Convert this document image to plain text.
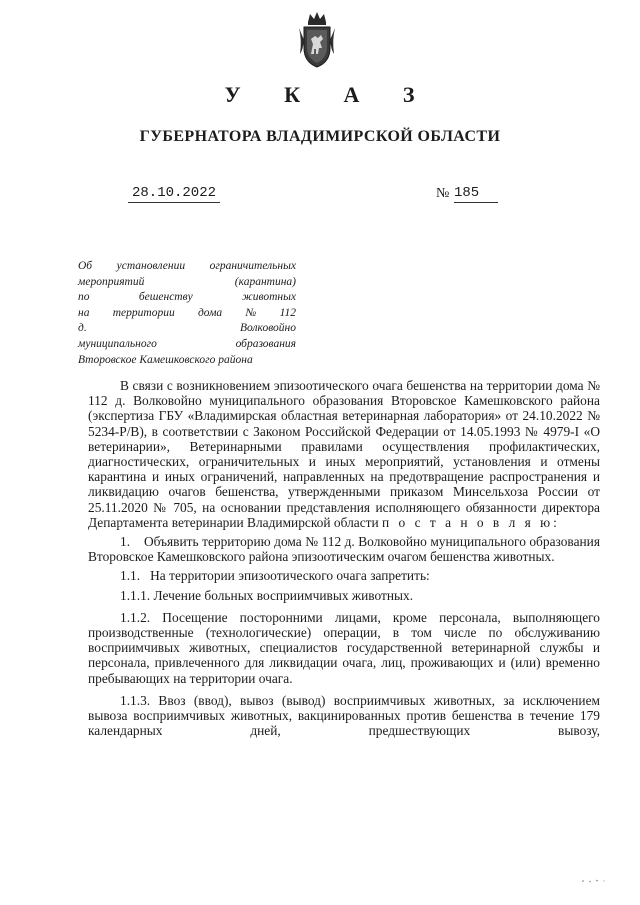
У К А З
ГУБЕРНАТОРА ВЛАДИМИРСКОЙ ОБЛАСТИ
28.10.2022	№ 185
Об установлении ограничительных
мероприятий	(карантина)
по	бешенству	животных
на территории дома № 112
д.	Волковойно
муниципального	образования
Второвское Камешковского района

В связи с возникновением эпизоотического очага бешенства на территории дома № 112 д. Волковойно муниципального образования Второвское Камешковского района (экспертиза ГБУ «Владимирская областная ветеринарная лаборатория» от 24.10.2022 № 5234-Р/В), в соответствии с Законом Российской Федерации от 14.05.1993 № 4979-I «О ветеринарии», Ветеринарными правилами осуществления профилактических, диагностических, ограничительных и иных мероприятий, установления и отмены карантина и иных ограничений, направленных на предотвращение распространения и ликвидацию очагов бешенства, утвержденными приказом Минсельхоза России от 25.11.2020 № 705, на основании представления исполняющего обязанности директора Департамента ветеринарии Владимирской области п о с т а н о в л я ю:

1. Объявить территорию дома № 112 д. Волковойно муниципального образования Второвское Камешковского района эпизоотическим очагом бешенства животных.

1.1. На территории эпизоотического очага запретить:

1.1.1. Лечение больных восприимчивых животных.

1.1.2. Посещение посторонними лицами, кроме персонала, выполняющего производственные (технологические) операции, в том числе по обслуживанию восприимчивых животных, специалистов государственной ветеринарной службы и персонала, привлеченного для ликвидации очага, лиц, проживающих и (или) временно пребывающих на территории очага.

1.1.3. Ввоз (ввод), вывоз (вывод) восприимчивых животных, за исключением вывоза восприимчивых животных, вакцинированных против бешенства в течение 179 календарных дней, предшествующих вывозу,
